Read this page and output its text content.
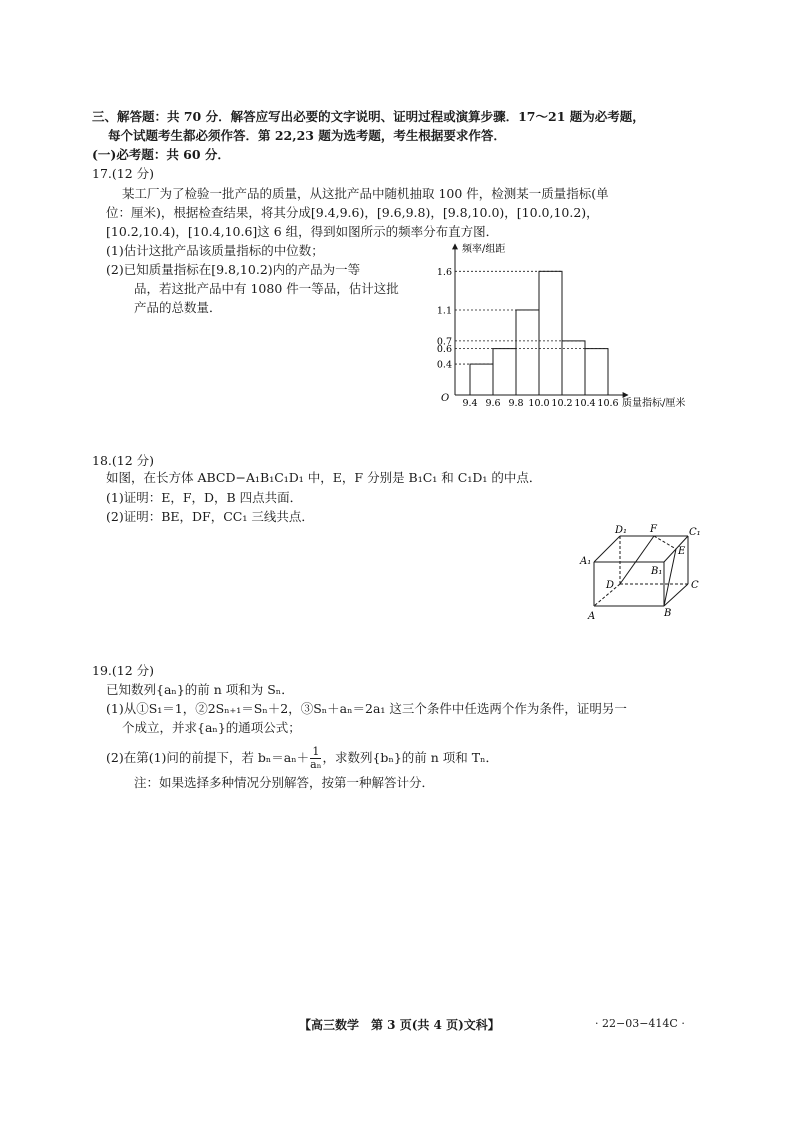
三、解答题：共 70 分．解答应写出必要的文字说明、证明过程或演算步骤．17～21 题为必考题，
每个试题考生都必须作答．第 22,23 题为选考题，考生根据要求作答．
(一)必考题：共 60 分．
17.(12 分)
某工厂为了检验一批产品的质量，从这批产品中随机抽取 100 件，检测某一质量指标(单
位：厘米)，根据检查结果，将其分成[9.4,9.6)，[9.6,9.8)，[9.8,10.0)，[10.0,10.2)，
[10.2,10.4)，[10.4,10.6]这 6 组，得到如图所示的频率分布直方图．
(1)估计这批产品该质量指标的中位数；
(2)已知质量指标在[9.8,10.2)内的产品为一等
品，若这批产品中有 1080 件一等品，估计这批
产品的总数量．
频率/组距
质量指标/厘米
O 9.4 9.6 9.8 10.0 10.2 10.4 10.6
0.4
0.6
0.7
1.1
1.6
18.(12 分)
如图，在长方体 ABCD−A₁B₁C₁D₁ 中，E，F 分别是 B₁C₁ 和 C₁D₁ 的中点．
(1)证明：E，F，D，B 四点共面．
(2)证明：BE，DF，CC₁ 三线共点．
D₁ F	C₁
A₁
E
B₁
D	C
A	B
19.(12 分)
已知数列{aₙ}的前 n 项和为 Sₙ．
(1)从①S₁＝1，②2Sₙ₊₁＝Sₙ＋2，③Sₙ＋aₙ＝2a₁ 这三个条件中任选两个作为条件，证明另一
个成立，并求{aₙ}的通项公式；
(2)在第(1)问的前提下，若 $b_n=a_n+ \frac{1}{\text{aₙ}}$ ，求数列{bₙ}的前 n 项和 Tₙ．
注：如果选择多种情况分别解答，按第一种解答计分．
【高三数学　第 3 页(共 4 页)文科】	· 22−03−414C ·
